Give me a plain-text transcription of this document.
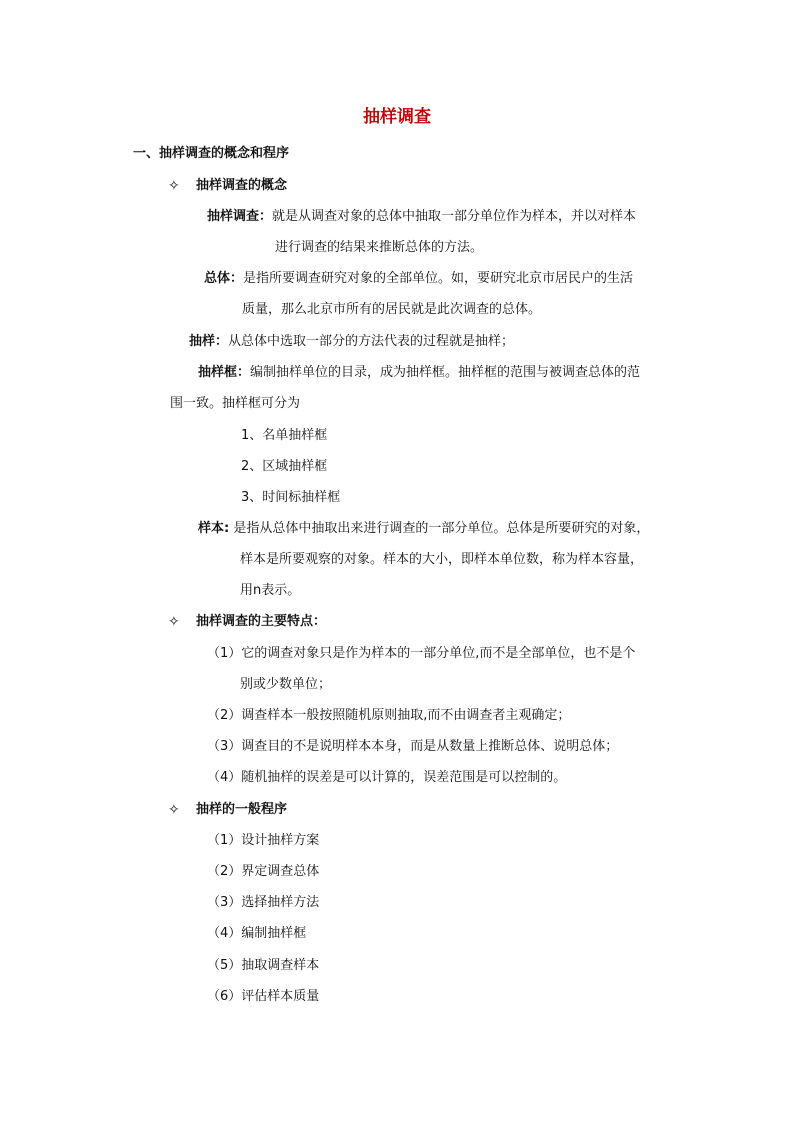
抽样调查
一、抽样调查的概念和程序
✧ 抽样调查的概念
抽样调查：就是从调查对象的总体中抽取一部分单位作为样本，并以对样本
进行调查的结果来推断总体的方法。
总体：是指所要调查研究对象的全部单位。如，要研究北京市居民户的生活
质量，那么北京市所有的居民就是此次调查的总体。
抽样：从总体中选取一部分的方法代表的过程就是抽样；
抽样框：编制抽样单位的目录，成为抽样框。抽样框的范围与被调查总体的范
围一致。抽样框可分为
1、名单抽样框
2、区域抽样框
3、时间标抽样框
样本: 是指从总体中抽取出来进行调查的一部分单位。总体是所要研究的对象，
样本是所要观察的对象。样本的大小，即样本单位数，称为样本容量，
用n表示。
✧ 抽样调查的主要特点：
（1）它的调查对象只是作为样本的一部分单位,而不是全部单位，也不是个
别或少数单位；
（2）调查样本一般按照随机原则抽取,而不由调查者主观确定；
（3）调查目的不是说明样本本身，而是从数量上推断总体、说明总体；
（4）随机抽样的误差是可以计算的，误差范围是可以控制的。
✧ 抽样的一般程序
（1）设计抽样方案
（2）界定调查总体
（3）选择抽样方法
（4）编制抽样框
（5）抽取调查样本
（6）评估样本质量
